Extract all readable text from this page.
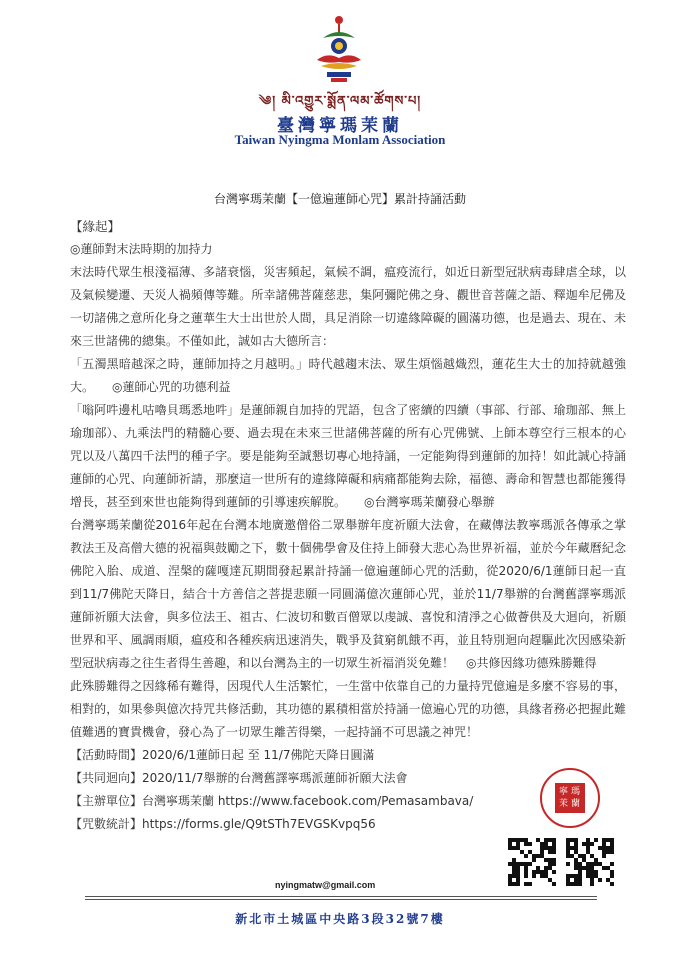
༄། མི་འགྱུར་སྨོན་ལམ་ཚོགས་པ།
臺灣寧瑪茉蘭
Taiwan Nyingma Monlam Association
台灣寧瑪茉蘭【一億遍蓮師心咒】累計持誦活動

【緣起】

◎蓮師對末法時期的加持力

末法時代眾生根淺福薄、多諸衰惱，災害頻起，氣候不調，瘟疫流行，如近日新型冠狀病毒肆虐全球，以及氣候變遷、天災人禍頻傳等難。所幸諸佛菩薩慈悲，集阿彌陀佛之身、觀世音菩薩之語、釋迦牟尼佛及一切諸佛之意所化身之蓮華生大士出世於人間，具足消除一切違緣障礙的圓滿功德，也是過去、現在、未來三世諸佛的總集。不僅如此，誠如古大德所言：

「五濁黑暗越深之時，蓮師加持之月越明。」時代越趨末法、眾生煩惱越熾烈，蓮花生大士的加持就越強大。　　◎蓮師心咒的功德利益

「嗡阿吽邊札咕嚕貝瑪悉地吽」是蓮師親自加持的咒語，包含了密續的四續（事部、行部、瑜珈部、無上瑜珈部）、九乘法門的精髓心要、過去現在未來三世諸佛菩薩的所有心咒佛號、上師本尊空行三根本的心咒以及八萬四千法門的種子字。要是能夠至誠懇切專心地持誦，一定能夠得到蓮師的加持！如此誠心持誦蓮師的心咒、向蓮師祈請，那麼這一世所有的違緣障礙和病痛都能夠去除，福德、壽命和智慧也都能獲得增長，甚至到來世也能夠得到蓮師的引導速疾解脫。　　◎台灣寧瑪茉蘭發心舉辦

台灣寧瑪茉蘭從2016年起在台灣本地廣邀僧俗二眾舉辦年度祈願大法會，在藏傳法教寧瑪派各傳承之掌教法王及高僧大德的祝福與鼓勵之下，數十個佛學會及住持上師發大悲心為世界祈福，並於今年藏曆紀念佛陀入胎、成道、涅槃的薩嘎達瓦期間發起累計持誦一億遍蓮師心咒的活動，從2020/6/1蓮師日起一直到11/7佛陀天降日，結合十方善信之菩提悲願一同圓滿億次蓮師心咒，並於11/7舉辦的台灣舊譯寧瑪派蓮師祈願大法會，與多位法王、祖古、仁波切和數百僧眾以虔誠、喜悅和清淨之心做薈供及大迴向，祈願世界和平、風調雨順，瘟疫和各種疾病迅速消失，戰爭及貧窮飢餓不再，並且特別迴向趕驅此次因感染新型冠狀病毒之往生者得生善趣，和以台灣為主的一切眾生祈福消災免難！　◎共修因緣功德殊勝難得

此殊勝難得之因緣稀有難得，因現代人生活繁忙，一生當中依靠自己的力量持咒億遍是多麼不容易的事，相對的，如果參與億次持咒共修活動，其功德的累積相當於持誦一億遍心咒的功德，具緣者務必把握此難值難遇的寶貴機會，發心為了一切眾生離苦得樂，一起持誦不可思議之神咒！

【活動時間】2020/6/1蓮師日起 至 11/7佛陀天降日圓滿
【共同迴向】2020/11/7舉辦的台灣舊譯寧瑪派蓮師祈願大法會
【主辦單位】台灣寧瑪茉蘭 https://www.facebook.com/Pemasambava/
【咒數統計】https://forms.gle/Q9tSTh7EVGSKvpq56
寧 瑪
茉 蘭
nyingmatw@gmail.com
新北市土城區中央路3段32號7樓
